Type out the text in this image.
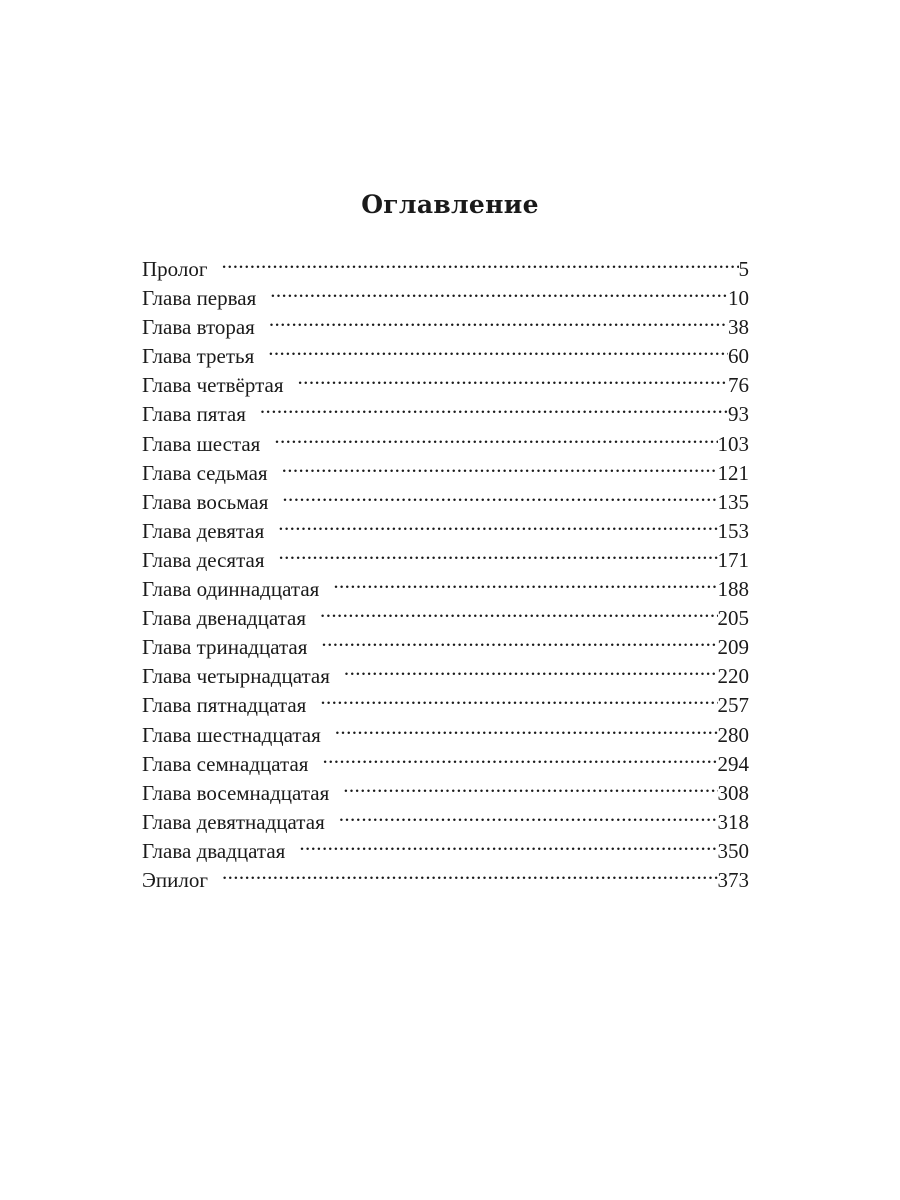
Оглавление
Пролог .....	5
Глава первая .....	10
Глава вторая .....	38
Глава третья .....	60
Глава четвёртая .....	76
Глава пятая .....	93
Глава шестая .....	103
Глава седьмая .....	121
Глава восьмая .....	135
Глава девятая .....	153
Глава десятая .....	171
Глава одиннадцатая .....	188
Глава двенадцатая .....	205
Глава тринадцатая .....	209
Глава четырнадцатая .....	220
Глава пятнадцатая .....	257
Глава шестнадцатая .....	280
Глава семнадцатая .....	294
Глава восемнадцатая .....	308
Глава девятнадцатая .....	318
Глава двадцатая .....	350
Эпилог .....	373
